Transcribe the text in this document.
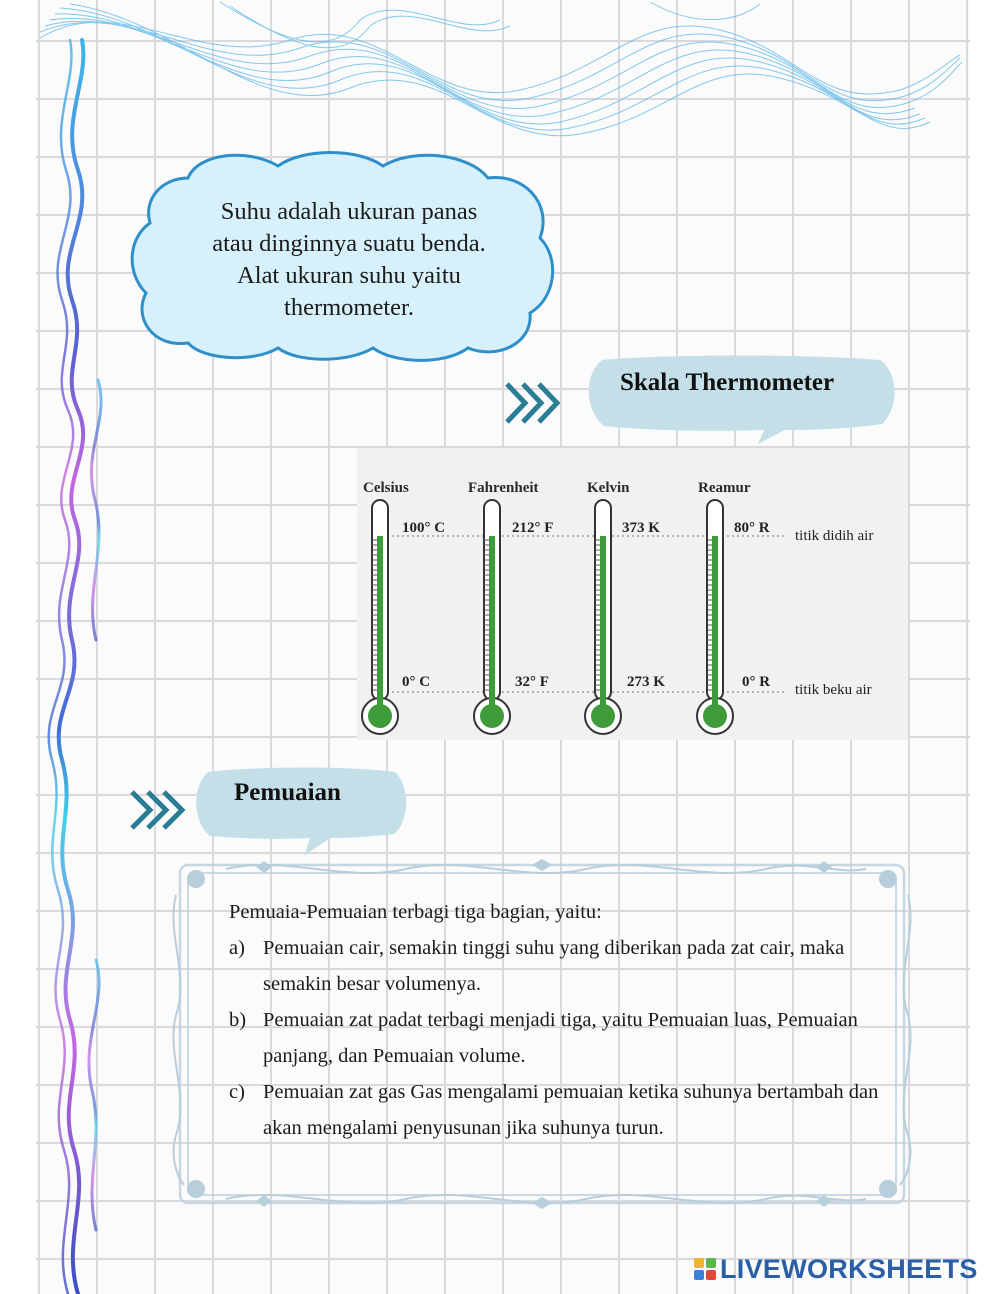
Suhu adalah ukuran panas
atau dinginnya suatu benda.
Alat ukuran suhu yaitu
thermometer.
Skala Thermometer
Celsius	Fahrenheit	Kelvin	Reamur
100° C	212° F	373 K	80° R titik didih air
0° C	32° F	273 K	0° R titik beku air
Pemuaian

Pemuaia-Pemuaian terbagi tiga bagian, yaitu:

a) Pemuaian cair, semakin tinggi suhu yang diberikan pada zat cair, maka semakin besar volumenya.
b) Pemuaian zat padat terbagi menjadi tiga, yaitu Pemuaian luas, Pemuaian panjang, dan Pemuaian volume.
c) Pemuaian zat gas Gas mengalami pemuaian ketika suhunya bertambah dan akan mengalami penyusunan jika suhunya turun.
LIVEWORKSHEETS
